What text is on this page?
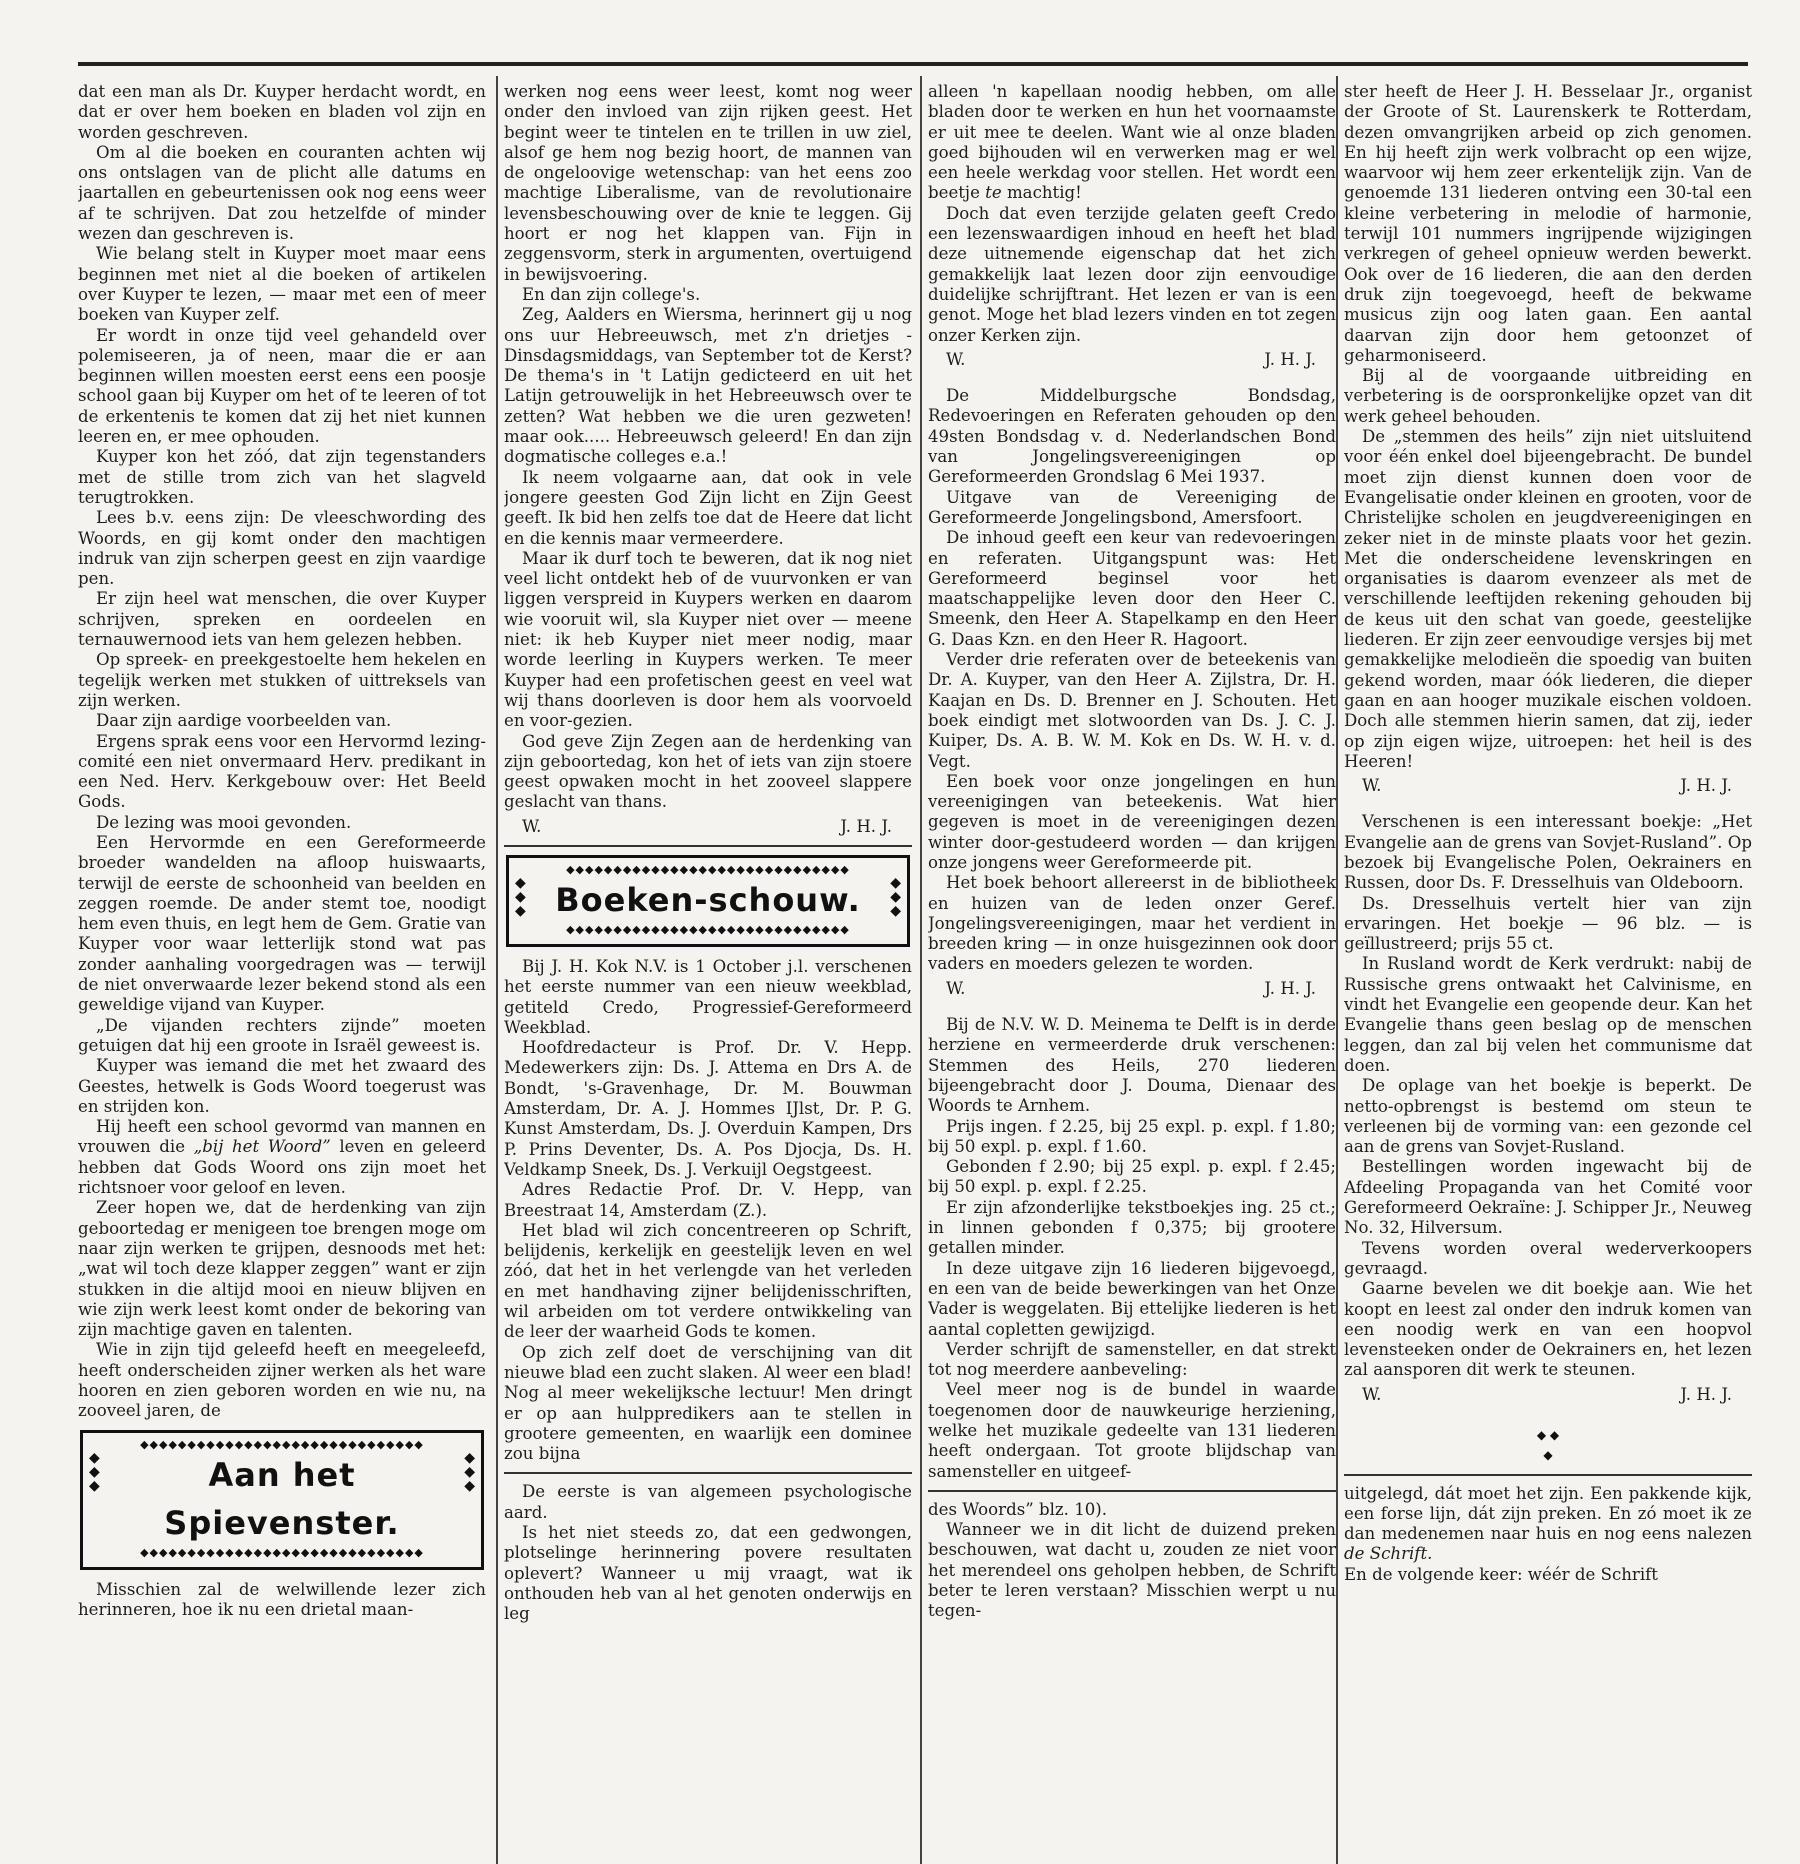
dat een man als Dr. Kuyper herdacht wordt, en dat er over hem boeken en bladen vol zijn en worden geschreven.

Om al die boeken en couranten achten wij ons ontslagen van de plicht alle datums en jaartallen en gebeurtenissen ook nog eens weer af te schrijven. Dat zou hetzelfde of minder wezen dan geschreven is.

Wie belang stelt in Kuyper moet maar eens beginnen met niet al die boeken of artikelen over Kuyper te lezen, — maar met een of meer boeken van Kuyper zelf.

Er wordt in onze tijd veel gehandeld over polemiseeren, ja of neen, maar die er aan beginnen willen moesten eerst eens een poosje school gaan bij Kuyper om het of te leeren of tot de erkentenis te komen dat zij het niet kunnen leeren en, er mee ophouden.

Kuyper kon het zóó, dat zijn tegenstanders met de stille trom zich van het slagveld terugtrokken.

Lees b.v. eens zijn: De vleeschwording des Woords, en gij komt onder den machtigen indruk van zijn scherpen geest en zijn vaardige pen.

Er zijn heel wat menschen, die over Kuyper schrijven, spreken en oordeelen en ternauwernood iets van hem gelezen hebben.

Op spreek- en preekgestoelte hem hekelen en tegelijk werken met stukken of uittreksels van zijn werken.

Daar zijn aardige voorbeelden van.

Ergens sprak eens voor een Hervormd lezing-comité een niet onvermaard Herv. predikant in een Ned. Herv. Kerkgebouw over: Het Beeld Gods.

De lezing was mooi gevonden.

Een Hervormde en een Gereformeerde broeder wandelden na afloop huiswaarts, terwijl de eerste de schoonheid van beelden en zeggen roemde. De ander stemt toe, noodigt hem even thuis, en legt hem de Gem. Gratie van Kuyper voor waar letterlijk stond wat pas zonder aanhaling voorgedragen was — terwijl de niet onverwaarde lezer bekend stond als een geweldige vijand van Kuyper.

„De vijanden rechters zijnde” moeten getuigen dat hij een groote in Israël geweest is.

Kuyper was iemand die met het zwaard des Geestes, hetwelk is Gods Woord toegerust was en strijden kon.

Hij heeft een school gevormd van mannen en vrouwen die „bij het Woord” leven en geleerd hebben dat Gods Woord ons zijn moet het richtsnoer voor geloof en leven.

Zeer hopen we, dat de herdenking van zijn geboortedag er menigeen toe brengen moge om naar zijn werken te grijpen, desnoods met het: „wat wil toch deze klapper zeggen” want er zijn stukken in die altijd mooi en nieuw blijven en wie zijn werk leest komt onder de bekoring van zijn machtige gaven en talenten.

Wie in zijn tijd geleefd heeft en meegeleefd, heeft onderscheiden zijner werken als het ware hooren en zien geboren worden en wie nu, na zooveel jaren, de

◆◆◆◆◆◆◆◆◆◆◆◆◆◆◆◆◆◆◆◆◆◆◆◆◆◆◆◆◆◆
◆
◆
◆	Aan het Spievenster.
◆
◆
◆
◆◆◆◆◆◆◆◆◆◆◆◆◆◆◆◆◆◆◆◆◆◆◆◆◆◆◆◆◆◆

Misschien zal de welwillende lezer zich herinneren, hoe ik nu een drietal maan-

werken nog eens weer leest, komt nog weer onder den invloed van zijn rijken geest. Het begint weer te tintelen en te trillen in uw ziel, alsof ge hem nog bezig hoort, de mannen van de ongeloovige wetenschap: van het eens zoo machtige Liberalisme, van de revolutionaire levensbeschouwing over de knie te leggen. Gij hoort er nog het klappen van. Fijn in zeggensvorm, sterk in argumenten, overtuigend in bewijsvoering.

En dan zijn college's.

Zeg, Aalders en Wiersma, herinnert gij u nog ons uur Hebreeuwsch, met z'n drietjes - Dinsdagsmiddags, van September tot de Kerst? De thema's in 't Latijn gedicteerd en uit het Latijn getrouwelijk in het Hebreeuwsch over te zetten? Wat hebben we die uren gezweten! maar ook..... Hebreeuwsch geleerd! En dan zijn dogmatische colleges e.a.!

Ik neem volgaarne aan, dat ook in vele jongere geesten God Zijn licht en Zijn Geest geeft. Ik bid hen zelfs toe dat de Heere dat licht en die kennis maar vermeerdere.

Maar ik durf toch te beweren, dat ik nog niet veel licht ontdekt heb of de vuurvonken er van liggen verspreid in Kuypers werken en daarom wie vooruit wil, sla Kuyper niet over — meene niet: ik heb Kuyper niet meer nodig, maar worde leerling in Kuypers werken. Te meer Kuyper had een profetischen geest en veel wat wij thans doorleven is door hem als voorvoeld en voor-gezien.

God geve Zijn Zegen aan de herdenking van zijn geboortedag, kon het of iets van zijn stoere geest opwaken mocht in het zooveel slappere geslacht van thans.

W.	J. H. J.
◆◆◆◆◆◆◆◆◆◆◆◆◆◆◆◆◆◆◆◆◆◆◆◆◆◆◆◆◆◆
◆
◆
◆ Boeken-schouw.	◆
◆
◆
◆◆◆◆◆◆◆◆◆◆◆◆◆◆◆◆◆◆◆◆◆◆◆◆◆◆◆◆◆◆

Bij J. H. Kok N.V. is 1 October j.l. verschenen het eerste nummer van een nieuw weekblad, getiteld Credo, Progressief-Gereformeerd Weekblad.

Hoofdredacteur is Prof. Dr. V. Hepp. Medewerkers zijn: Ds. J. Attema en Drs A. de Bondt, 's-Gravenhage, Dr. M. Bouwman Amsterdam, Dr. A. J. Hommes IJlst, Dr. P. G. Kunst Amsterdam, Ds. J. Overduin Kampen, Drs P. Prins Deventer, Ds. A. Pos Djocja, Ds. H. Veldkamp Sneek, Ds. J. Verkuijl Oegstgeest.

Adres Redactie Prof. Dr. V. Hepp, van Breestraat 14, Amsterdam (Z.).

Het blad wil zich concentreeren op Schrift, belijdenis, kerkelijk en geestelijk leven en wel zóó, dat het in het verlengde van het verleden en met handhaving zijner belijdenisschriften, wil arbeiden om tot verdere ontwikkeling van de leer der waarheid Gods te komen.

Op zich zelf doet de verschijning van dit nieuwe blad een zucht slaken. Al weer een blad! Nog al meer wekelijksche lectuur! Men dringt er op aan hulppredikers aan te stellen in grootere gemeenten, en waarlijk een dominee zou bijna

De eerste is van algemeen psychologische aard.

Is het niet steeds zo, dat een gedwongen, plotselinge herinnering povere resultaten oplevert? Wanneer u mij vraagt, wat ik onthouden heb van al het genoten onderwijs en leg

alleen 'n kapellaan noodig hebben, om alle bladen door te werken en hun het voornaamste er uit mee te deelen. Want wie al onze bladen goed bijhouden wil en verwerken mag er wel een heele werkdag voor stellen. Het wordt een beetje te machtig!

Doch dat even terzijde gelaten geeft Credo een lezenswaardigen inhoud en heeft het blad deze uitnemende eigenschap dat het zich gemakkelijk laat lezen door zijn eenvoudige duidelijke schrijftrant. Het lezen er van is een genot. Moge het blad lezers vinden en tot zegen onzer Kerken zijn.

W.	J. H. J.

De Middelburgsche Bondsdag, Redevoeringen en Referaten gehouden op den 49sten Bondsdag v. d. Nederlandschen Bond van Jongelingsvereenigingen op Gereformeerden Grondslag 6 Mei 1937.

Uitgave van de Vereeniging de Gereformeerde Jongelingsbond, Amersfoort.

De inhoud geeft een keur van redevoeringen en referaten. Uitgangspunt was: Het Gereformeerd beginsel voor het maatschappelijke leven door den Heer C. Smeenk, den Heer A. Stapelkamp en den Heer G. Daas Kzn. en den Heer R. Hagoort.

Verder drie referaten over de beteekenis van Dr. A. Kuyper, van den Heer A. Zijlstra, Dr. H. Kaajan en Ds. D. Brenner en J. Schouten. Het boek eindigt met slotwoorden van Ds. J. C. J. Kuiper, Ds. A. B. W. M. Kok en Ds. W. H. v. d. Vegt.

Een boek voor onze jongelingen en hun vereenigingen van beteekenis. Wat hier gegeven is moet in de vereenigingen dezen winter door-gestudeerd worden — dan krijgen onze jongens weer Gereformeerde pit.

Het boek behoort allereerst in de bibliotheek en huizen van de leden onzer Geref. Jongelingsvereenigingen, maar het verdient in breeden kring — in onze huisgezinnen ook door vaders en moeders gelezen te worden.

W.	J. H. J.

Bij de N.V. W. D. Meinema te Delft is in derde herziene en vermeerderde druk verschenen: Stemmen des Heils, 270 liederen bijeengebracht door J. Douma, Dienaar des Woords te Arnhem.

Prijs ingen. f 2.25, bij 25 expl. p. expl. f 1.80; bij 50 expl. p. expl. f 1.60.

Gebonden f 2.90; bij 25 expl. p. expl. f 2.45; bij 50 expl. p. expl. f 2.25.

Er zijn afzonderlijke tekstboekjes ing. 25 ct.; in linnen gebonden f 0,375; bij grootere getallen minder.

In deze uitgave zijn 16 liederen bijgevoegd, en een van de beide bewerkingen van het Onze Vader is weggelaten. Bij ettelijke liederen is het aantal copletten gewijzigd.

Verder schrijft de samensteller, en dat strekt tot nog meerdere aanbeveling:

Veel meer nog is de bundel in waarde toegenomen door de nauwkeurige herziening, welke het muzikale gedeelte van 131 liederen heeft ondergaan. Tot groote blijdschap van samensteller en uitgeef-

des Woords” blz. 10).

Wanneer we in dit licht de duizend preken beschouwen, wat dacht u, zouden ze niet voor het merendeel ons geholpen hebben, de Schrift beter te leren verstaan? Misschien werpt u nu tegen-

ster heeft de Heer J. H. Besselaar Jr., organist der Groote of St. Laurenskerk te Rotterdam, dezen omvangrijken arbeid op zich genomen. En hij heeft zijn werk volbracht op een wijze, waarvoor wij hem zeer erkentelijk zijn. Van de genoemde 131 liederen ontving een 30-tal een kleine verbetering in melodie of harmonie, terwijl 101 nummers ingrijpende wijzigingen verkregen of geheel opnieuw werden bewerkt. Ook over de 16 liederen, die aan den derden druk zijn toegevoegd, heeft de bekwame musicus zijn oog laten gaan. Een aantal daarvan zijn door hem getoonzet of geharmoniseerd.

Bij al de voorgaande uitbreiding en verbetering is de oorspronkelijke opzet van dit werk geheel behouden.

De „stemmen des heils” zijn niet uitsluitend voor één enkel doel bijeengebracht. De bundel moet zijn dienst kunnen doen voor de Evangelisatie onder kleinen en grooten, voor de Christelijke scholen en jeugdvereenigingen en zeker niet in de minste plaats voor het gezin. Met die onderscheidene levenskringen en organisaties is daarom evenzeer als met de verschillende leeftijden rekening gehouden bij de keus uit den schat van goede, geestelijke liederen. Er zijn zeer eenvoudige versjes bij met gemakkelijke melodieën die spoedig van buiten gekend worden, maar óók liederen, die dieper gaan en aan hooger muzikale eischen voldoen. Doch alle stemmen hierin samen, dat zij, ieder op zijn eigen wijze, uitroepen: het heil is des Heeren!

W.	J. H. J.

Verschenen is een interessant boekje: „Het Evangelie aan de grens van Sovjet-Rusland”. Op bezoek bij Evangelische Polen, Oekrainers en Russen, door Ds. F. Dresselhuis van Oldeboorn.

Ds. Dresselhuis vertelt hier van zijn ervaringen. Het boekje — 96 blz. — is geïllustreerd; prijs 55 ct.

In Rusland wordt de Kerk verdrukt: nabij de Russische grens ontwaakt het Calvinisme, en vindt het Evangelie een geopende deur. Kan het Evangelie thans geen beslag op de menschen leggen, dan zal bij velen het communisme dat doen.

De oplage van het boekje is beperkt. De netto-opbrengst is bestemd om steun te verleenen bij de vorming van: een gezonde cel aan de grens van Sovjet-Rusland.

Bestellingen worden ingewacht bij de Afdeeling Propaganda van het Comité voor Gereformeerd Oekraïne: J. Schipper Jr., Neuweg No. 32, Hilversum.

Tevens worden overal wederverkoopers gevraagd.

Gaarne bevelen we dit boekje aan. Wie het koopt en leest zal onder den indruk komen van een noodig werk en van een hoopvol levensteeken onder de Oekrainers en, het lezen zal aansporen dit werk te steunen.

W.	J. H. J.
◆ ◆
◆

uitgelegd, dát moet het zijn. Een pakkende kijk, een forse lijn, dát zijn preken. En zó moet ik ze dan medenemen naar huis en nog eens nalezen de Schrift.

En de volgende keer: wéér de Schrift
